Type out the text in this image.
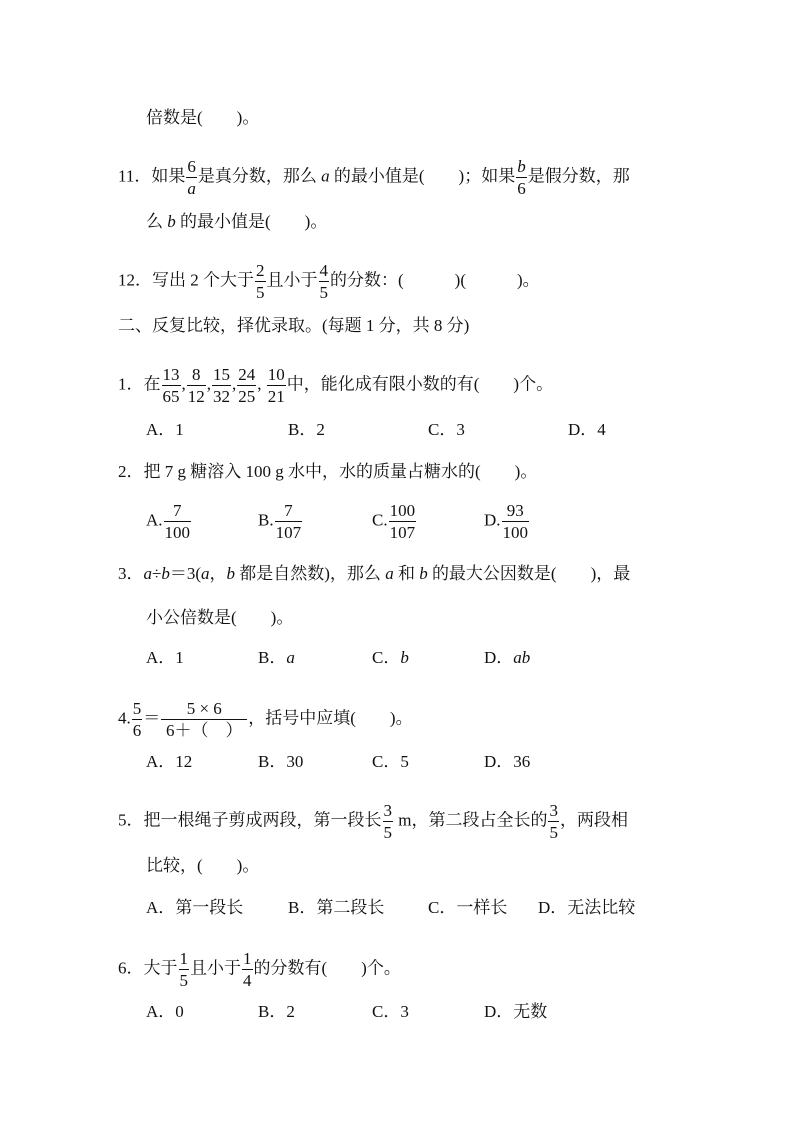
倍数是(　　)。
11．如果 $\frac{6}{a}$ 是真分数，那么 a 的最小值是(　　)；如果 $\frac{b}{6}$ 是假分数，那
么 b 的最小值是(　　)。
12．写出 2 个大于 $\frac{2}{5}$ 且小于 $\frac{4}{5}$ 的分数：(　　　)(　　　)。
二、反复比较，择优录取。(每题 1 分，共 8 分)
1．在 $\frac{13}{65}$ , $\frac{8}{12}$ , $\frac{15}{32}$ , $\frac{24}{25}$ , $\frac{10}{21}$ 中，能化成有限小数的有(　　)个。
A．1	B．2	C．3	D．4
2．把 7 g 糖溶入 100 g 水中，水的质量占糖水的(　　)。
A. $\frac{7}{100}$	B. $\frac{7}{107}$	C. $\frac{100}{107}$	D. $\frac{93}{100}$
3．a÷b＝3(a，b 都是自然数)，那么 a 和 b 的最大公因数是(　　)，最
小公倍数是(　　)。
A．1	B．a	C．b	D．ab
4. $\frac{5}{6} = \frac{5 \times 6}{6+( )}$ ，括号中应填(　　)。
A．12	B．30	C．5	D．36
5．把一根绳子剪成两段，第一段长 $\frac{3}{5}$ m，第二段占全长的 $\frac{3}{5}$ ，两段相
比较，(　　)。
A．第一段长	B．第二段长	C．一样长 D．无法比较
6．大于 $\frac{1}{5}$ 且小于 $\frac{1}{4}$ 的分数有(　　)个。
A．0	B．2	C．3	D．无数
